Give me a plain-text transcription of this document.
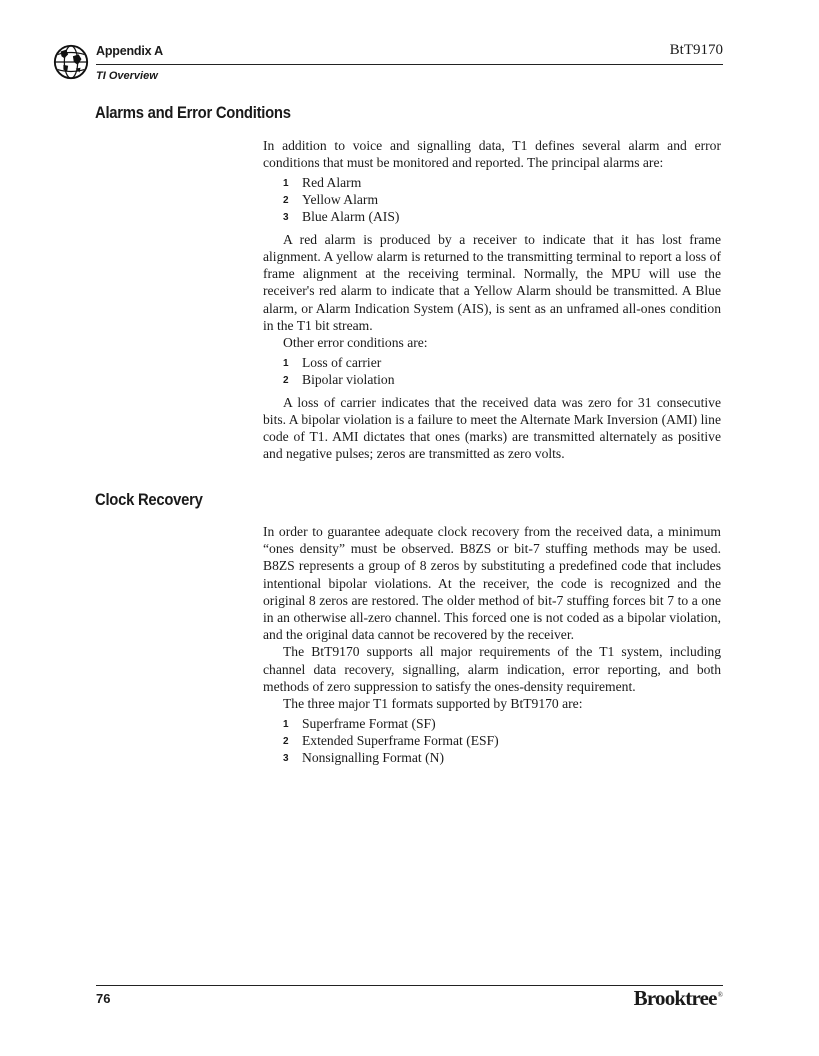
Appendix A	BtT9170
TI Overview
Alarms and Error Conditions

In addition to voice and signalling data, T1 defines several alarm and error conditions that must be monitored and reported. The principal alarms are:

1 Red Alarm
2 Yellow Alarm
3 Blue Alarm (AIS)

A red alarm is produced by a receiver to indicate that it has lost frame alignment. A yellow alarm is returned to the transmitting terminal to report a loss of frame alignment at the receiving terminal. Normally, the MPU will use the receiver's red alarm to indicate that a Yellow Alarm should be transmitted. A Blue alarm, or Alarm Indication System (AIS), is sent as an unframed all-ones condition in the T1 bit stream.

Other error conditions are:

1 Loss of carrier
2 Bipolar violation

A loss of carrier indicates that the received data was zero for 31 consecutive bits. A bipolar violation is a failure to meet the Alternate Mark Inversion (AMI) line code of T1. AMI dictates that ones (marks) are transmitted alternately as positive and negative pulses; zeros are transmitted as zero volts.

Clock Recovery

In order to guarantee adequate clock recovery from the received data, a minimum “ones density” must be observed. B8ZS or bit-7 stuffing methods may be used. B8ZS represents a group of 8 zeros by substituting a predefined code that includes intentional bipolar violations. At the receiver, the code is recognized and the original 8 zeros are restored. The older method of bit-7 stuffing forces bit 7 to a one in an otherwise all-zero channel. This forced one is not coded as a bipolar violation, and the original data cannot be recovered by the receiver.

The BtT9170 supports all major requirements of the T1 system, including channel data recovery, signalling, alarm indication, error reporting, and both methods of zero suppression to satisfy the ones-density requirement.

The three major T1 formats supported by BtT9170 are:

1 Superframe Format (SF)
2 Extended Superframe Format (ESF)
3 Nonsignalling Format (N)
76	Brooktree®
